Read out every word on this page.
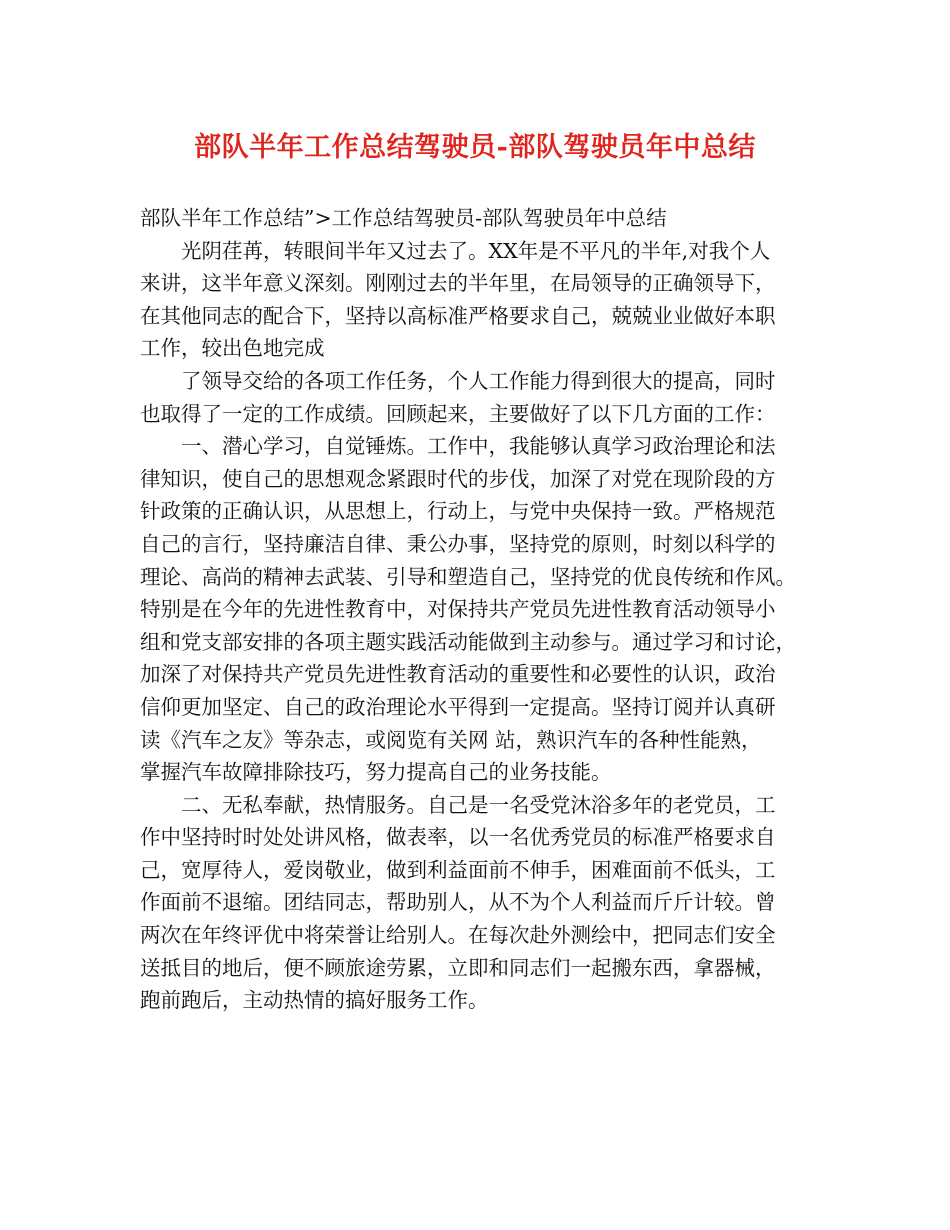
部队半年工作总结驾驶员-部队驾驶员年中总结
部队半年工作总结”>工作总结驾驶员-部队驾驶员年中总结

光阴荏苒，转眼间半年又过去了。XX年是不平凡的半年,对我个人
来讲，这半年意义深刻。刚刚过去的半年里，在局领导的正确领导下，
在其他同志的配合下，坚持以高标准严格要求自己，兢兢业业做好本职
工作，较出色地完成

了领导交给的各项工作任务，个人工作能力得到很大的提高，同时
也取得了一定的工作成绩。回顾起来，主要做好了以下几方面的工作：

一、潜心学习，自觉锤炼。工作中，我能够认真学习政治理论和法
律知识，使自己的思想观念紧跟时代的步伐，加深了对党在现阶段的方
针政策的正确认识，从思想上，行动上，与党中央保持一致。严格规范
自己的言行，坚持廉洁自律、秉公办事，坚持党的原则，时刻以科学的
理论、高尚的精神去武装、引导和塑造自己，坚持党的优良传统和作风。
特别是在今年的先进性教育中，对保持共产党员先进性教育活动领导小
组和党支部安排的各项主题实践活动能做到主动参与。通过学习和讨论，
加深了对保持共产党员先进性教育活动的重要性和必要性的认识，政治
信仰更加坚定、自己的政治理论水平得到一定提高。坚持订阅并认真研
读《汽车之友》等杂志，或阅览有关网 站，熟识汽车的各种性能熟，
掌握汽车故障排除技巧，努力提高自己的业务技能。

二、无私奉献，热情服务。自己是一名受党沐浴多年的老党员，工
作中坚持时时处处讲风格，做表率，以一名优秀党员的标准严格要求自
己，宽厚待人，爱岗敬业，做到利益面前不伸手，困难面前不低头，工
作面前不退缩。团结同志，帮助别人，从不为个人利益而斤斤计较。曾
两次在年终评优中将荣誉让给别人。在每次赴外测绘中，把同志们安全
送抵目的地后，便不顾旅途劳累，立即和同志们一起搬东西，拿器械，
跑前跑后，主动热情的搞好服务工作。
